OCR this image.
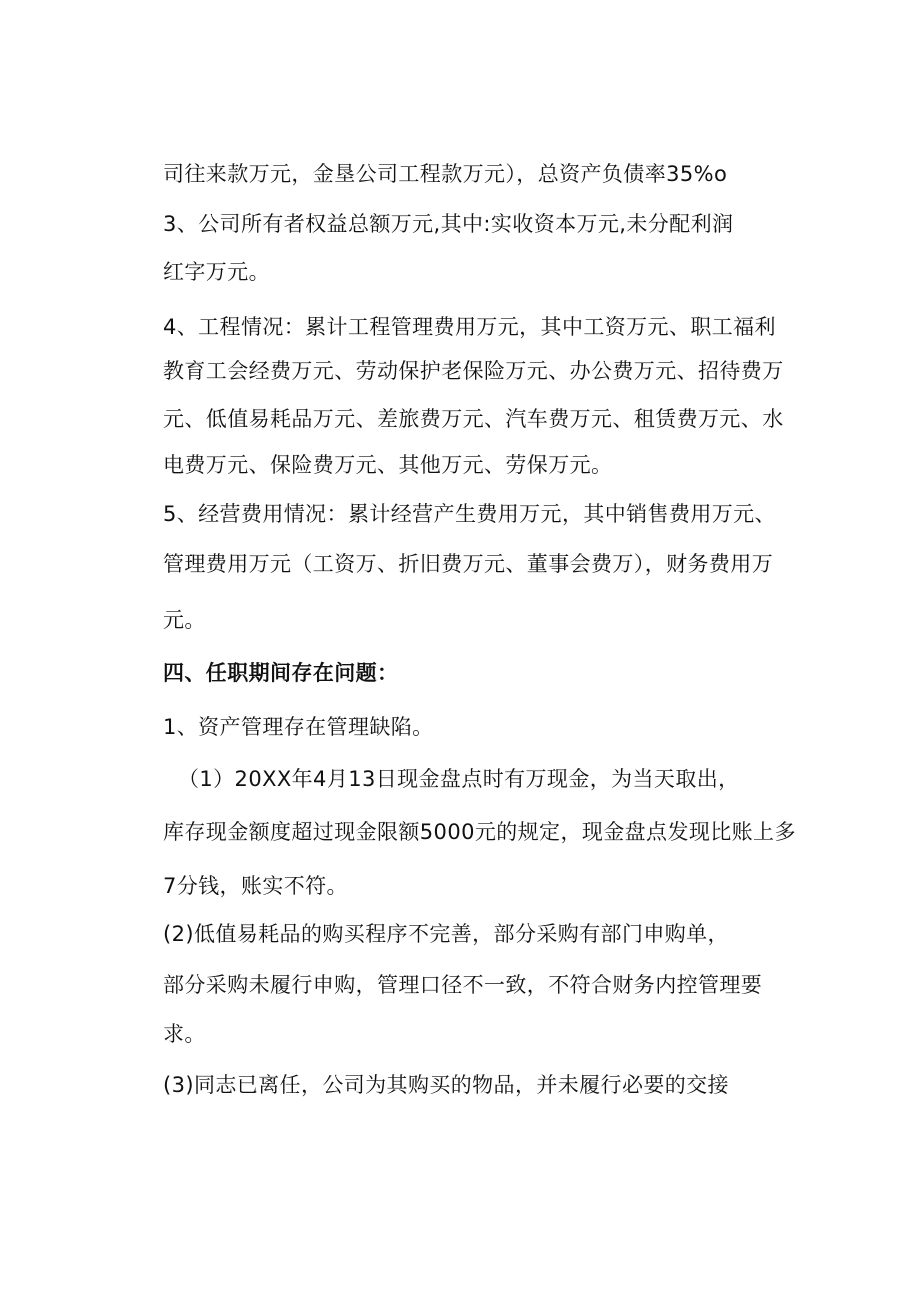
司往来款万元，金垦公司工程款万元），总资产负债率35%o
3、公司所有者权益总额万元,其中:实收资本万元,未分配利润
红字万元。
4、工程情况：累计工程管理费用万元，其中工资万元、职工福利
教育工会经费万元、劳动保护老保险万元、办公费万元、招待费万
元、低值易耗品万元、差旅费万元、汽车费万元、租赁费万元、水
电费万元、保险费万元、其他万元、劳保万元。
5、经营费用情况：累计经营产生费用万元，其中销售费用万元、
管理费用万元（工资万、折旧费万元、董事会费万），财务费用万
元。
四、任职期间存在问题：
1、资产管理存在管理缺陷。
（1）20XX年4月13日现金盘点时有万现金，为当天取出，
库存现金额度超过现金限额5000元的规定，现金盘点发现比账上多
7分钱，账实不符。
(2)低值易耗品的购买程序不完善，部分采购有部门申购单，
部分采购未履行申购，管理口径不一致，不符合财务内控管理要
求。
(3)同志已离任，公司为其购买的物品，并未履行必要的交接
